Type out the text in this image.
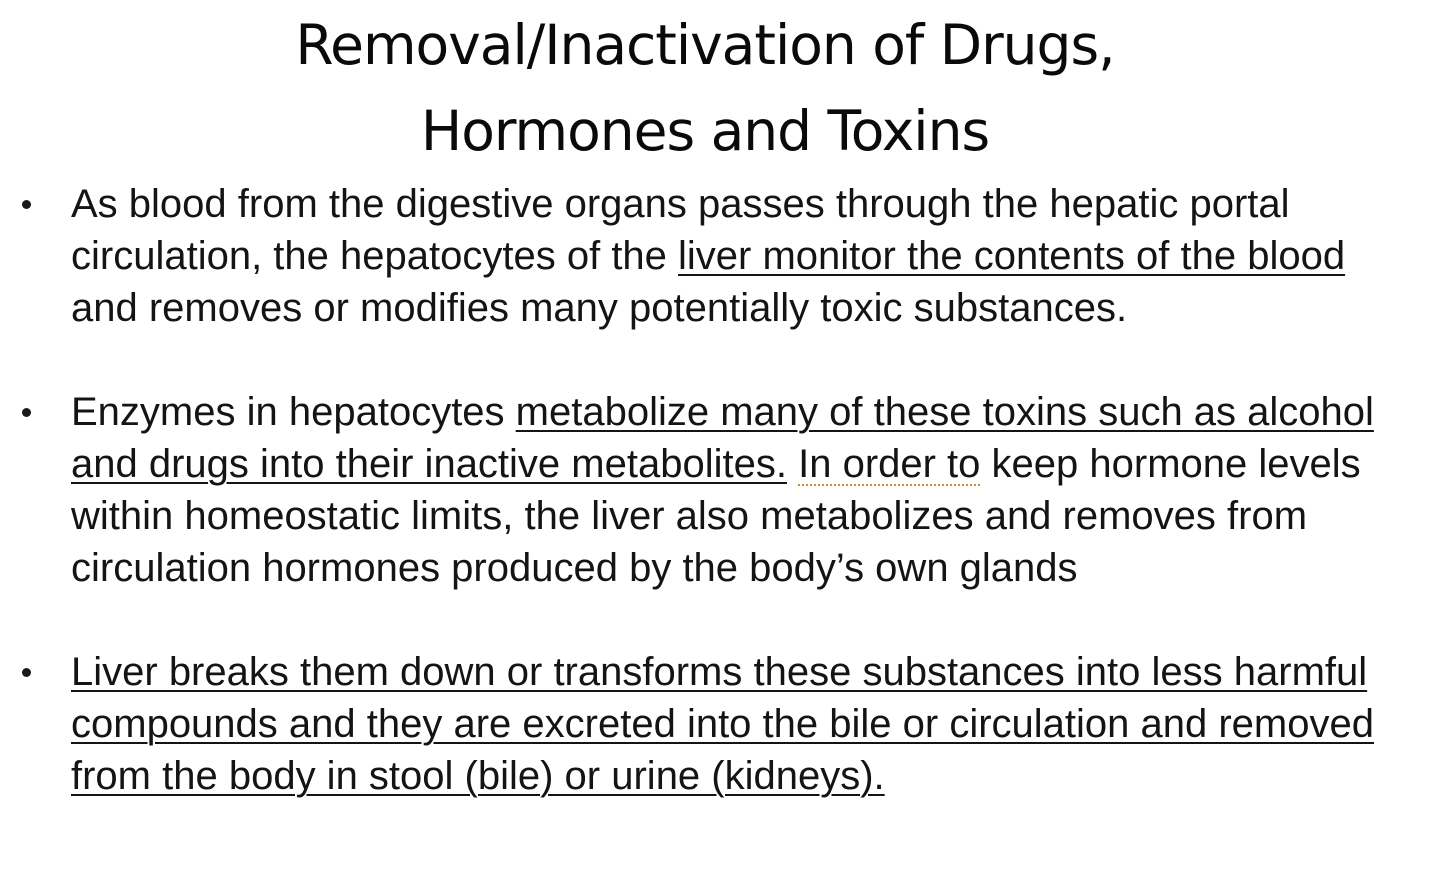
Removal/Inactivation of Drugs,
Hormones and Toxins
As blood from the digestive organs passes through the hepatic portal circulation, the hepatocytes of the liver monitor the contents of the blood and removes or modifies many potentially toxic substances.
Enzymes in hepatocytes metabolize many of these toxins such as alcohol and drugs into their inactive metabolites. In order to keep hormone levels within homeostatic limits, the liver also metabolizes and removes from circulation hormones produced by the body’s own glands
Liver breaks them down or transforms these substances into less harmful compounds and they are excreted into the bile or circulation and removed from the body in stool (bile) or urine (kidneys).
